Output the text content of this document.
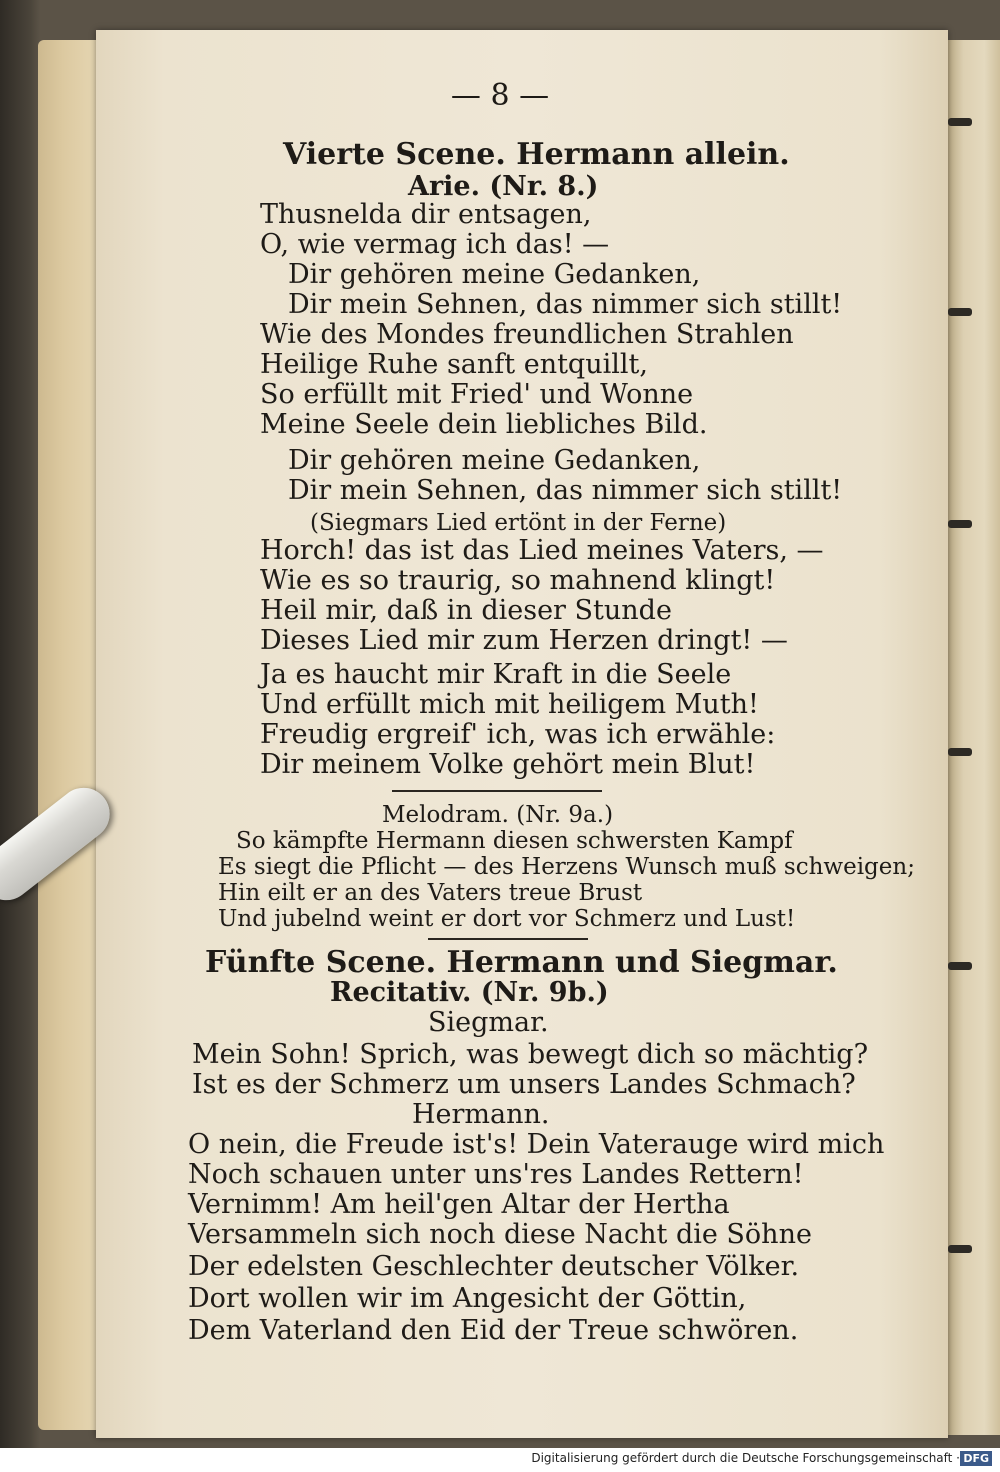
— 8 —
Vierte Scene. Hermann allein.
Arie. (Nr. 8.)
Thusnelda dir entsagen,
O, wie vermag ich das! —
Dir gehören meine Gedanken,
Dir mein Sehnen, das nimmer sich stillt!
Wie des Mondes freundlichen Strahlen
Heilige Ruhe sanft entquillt,
So erfüllt mit Fried' und Wonne
Meine Seele dein liebliches Bild.
Dir gehören meine Gedanken,
Dir mein Sehnen, das nimmer sich stillt!
(Siegmars Lied ertönt in der Ferne)
Horch! das ist das Lied meines Vaters, —
Wie es so traurig, so mahnend klingt!
Heil mir, daß in dieser Stunde
Dieses Lied mir zum Herzen dringt! —
Ja es haucht mir Kraft in die Seele
Und erfüllt mich mit heiligem Muth!
Freudig ergreif' ich, was ich erwähle:
Dir meinem Volke gehört mein Blut!
Melodram. (Nr. 9a.)
So kämpfte Hermann diesen schwersten Kampf
Es siegt die Pflicht — des Herzens Wunsch muß schweigen;
Hin eilt er an des Vaters treue Brust
Und jubelnd weint er dort vor Schmerz und Lust!
Fünfte Scene. Hermann und Siegmar.
Recitativ. (Nr. 9b.)
Siegmar.
Mein Sohn! Sprich, was bewegt dich so mächtig?
Ist es der Schmerz um unsers Landes Schmach?
Hermann.
O nein, die Freude ist's! Dein Vaterauge wird mich
Noch schauen unter uns'res Landes Rettern!
Vernimm! Am heil'gen Altar der Hertha
Versammeln sich noch diese Nacht die Söhne
Der edelsten Geschlechter deutscher Völker.
Dort wollen wir im Angesicht der Göttin,
Dem Vaterland den Eid der Treue schwören.
Digitalisierung gefördert durch die Deutsche Forschungsgemeinschaft · DFG
